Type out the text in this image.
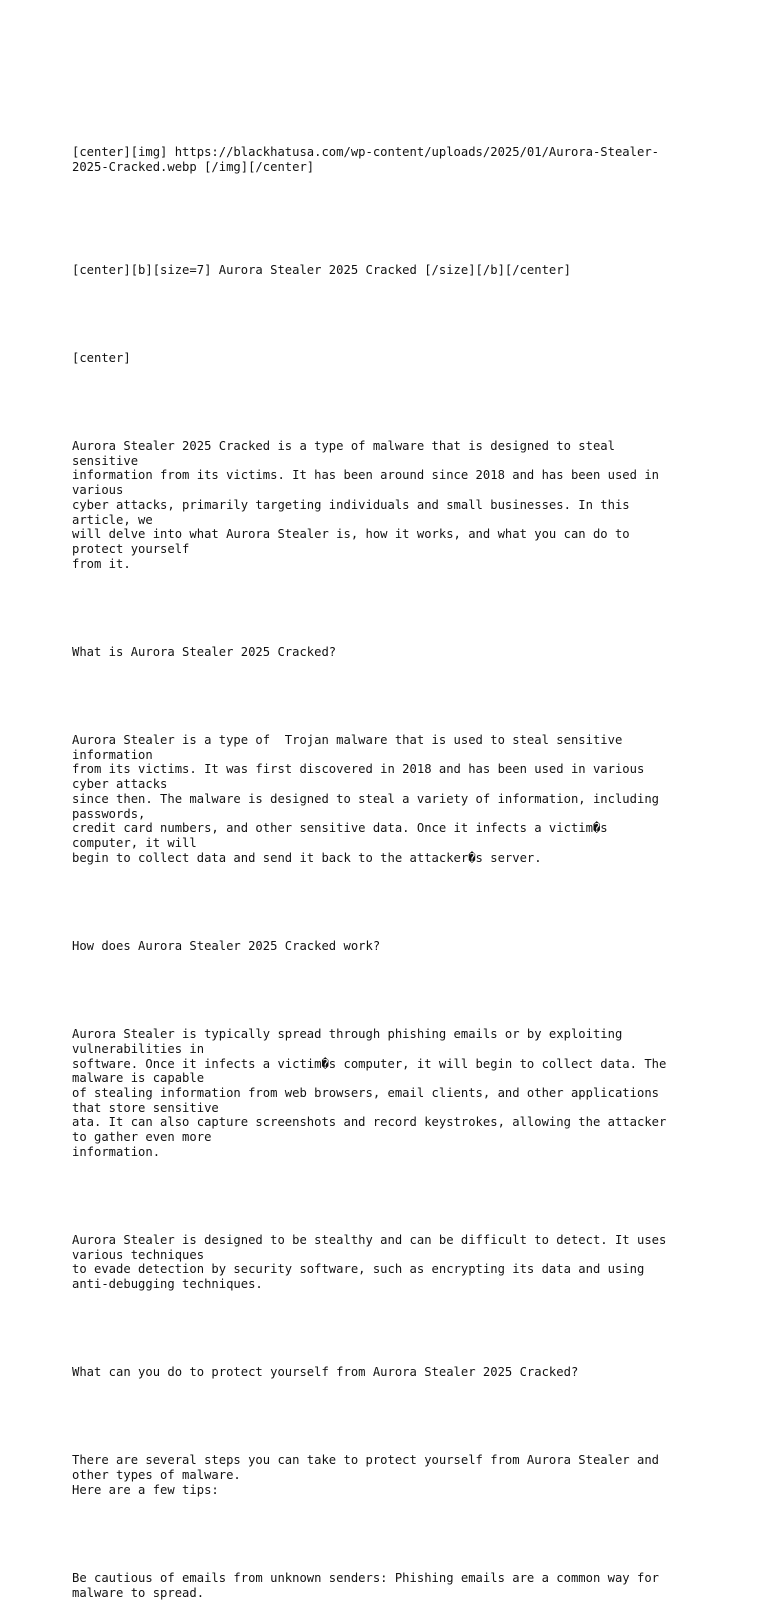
[center][img] https://blackhatusa.com/wp-content/uploads/2025/01/Aurora-Stealer-
2025-Cracked.webp [/img][/center]

[center][b][size=7] Aurora Stealer 2025 Cracked [/size][/b][/center]

[center]

Aurora Stealer 2025 Cracked is a type of malware that is designed to steal
sensitive
information from its victims. It has been around since 2018 and has been used in
various
cyber attacks, primarily targeting individuals and small businesses. In this
article, we
will delve into what Aurora Stealer is, how it works, and what you can do to
protect yourself
from it.

What is Aurora Stealer 2025 Cracked?

Aurora Stealer is a type of  Trojan malware that is used to steal sensitive
information
from its victims. It was first discovered in 2018 and has been used in various
cyber attacks
since then. The malware is designed to steal a variety of information, including
passwords,
credit card numbers, and other sensitive data. Once it infects a victim�s
computer, it will
begin to collect data and send it back to the attacker�s server.

How does Aurora Stealer 2025 Cracked work?

Aurora Stealer is typically spread through phishing emails or by exploiting
vulnerabilities in
software. Once it infects a victim�s computer, it will begin to collect data. The
malware is capable
of stealing information from web browsers, email clients, and other applications
that store sensitive
ata. It can also capture screenshots and record keystrokes, allowing the attacker
to gather even more
information.

Aurora Stealer is designed to be stealthy and can be difficult to detect. It uses
various techniques
to evade detection by security software, such as encrypting its data and using
anti-debugging techniques.

What can you do to protect yourself from Aurora Stealer 2025 Cracked?

There are several steps you can take to protect yourself from Aurora Stealer and
other types of malware.
Here are a few tips:

Be cautious of emails from unknown senders: Phishing emails are a common way for
malware to spread.
